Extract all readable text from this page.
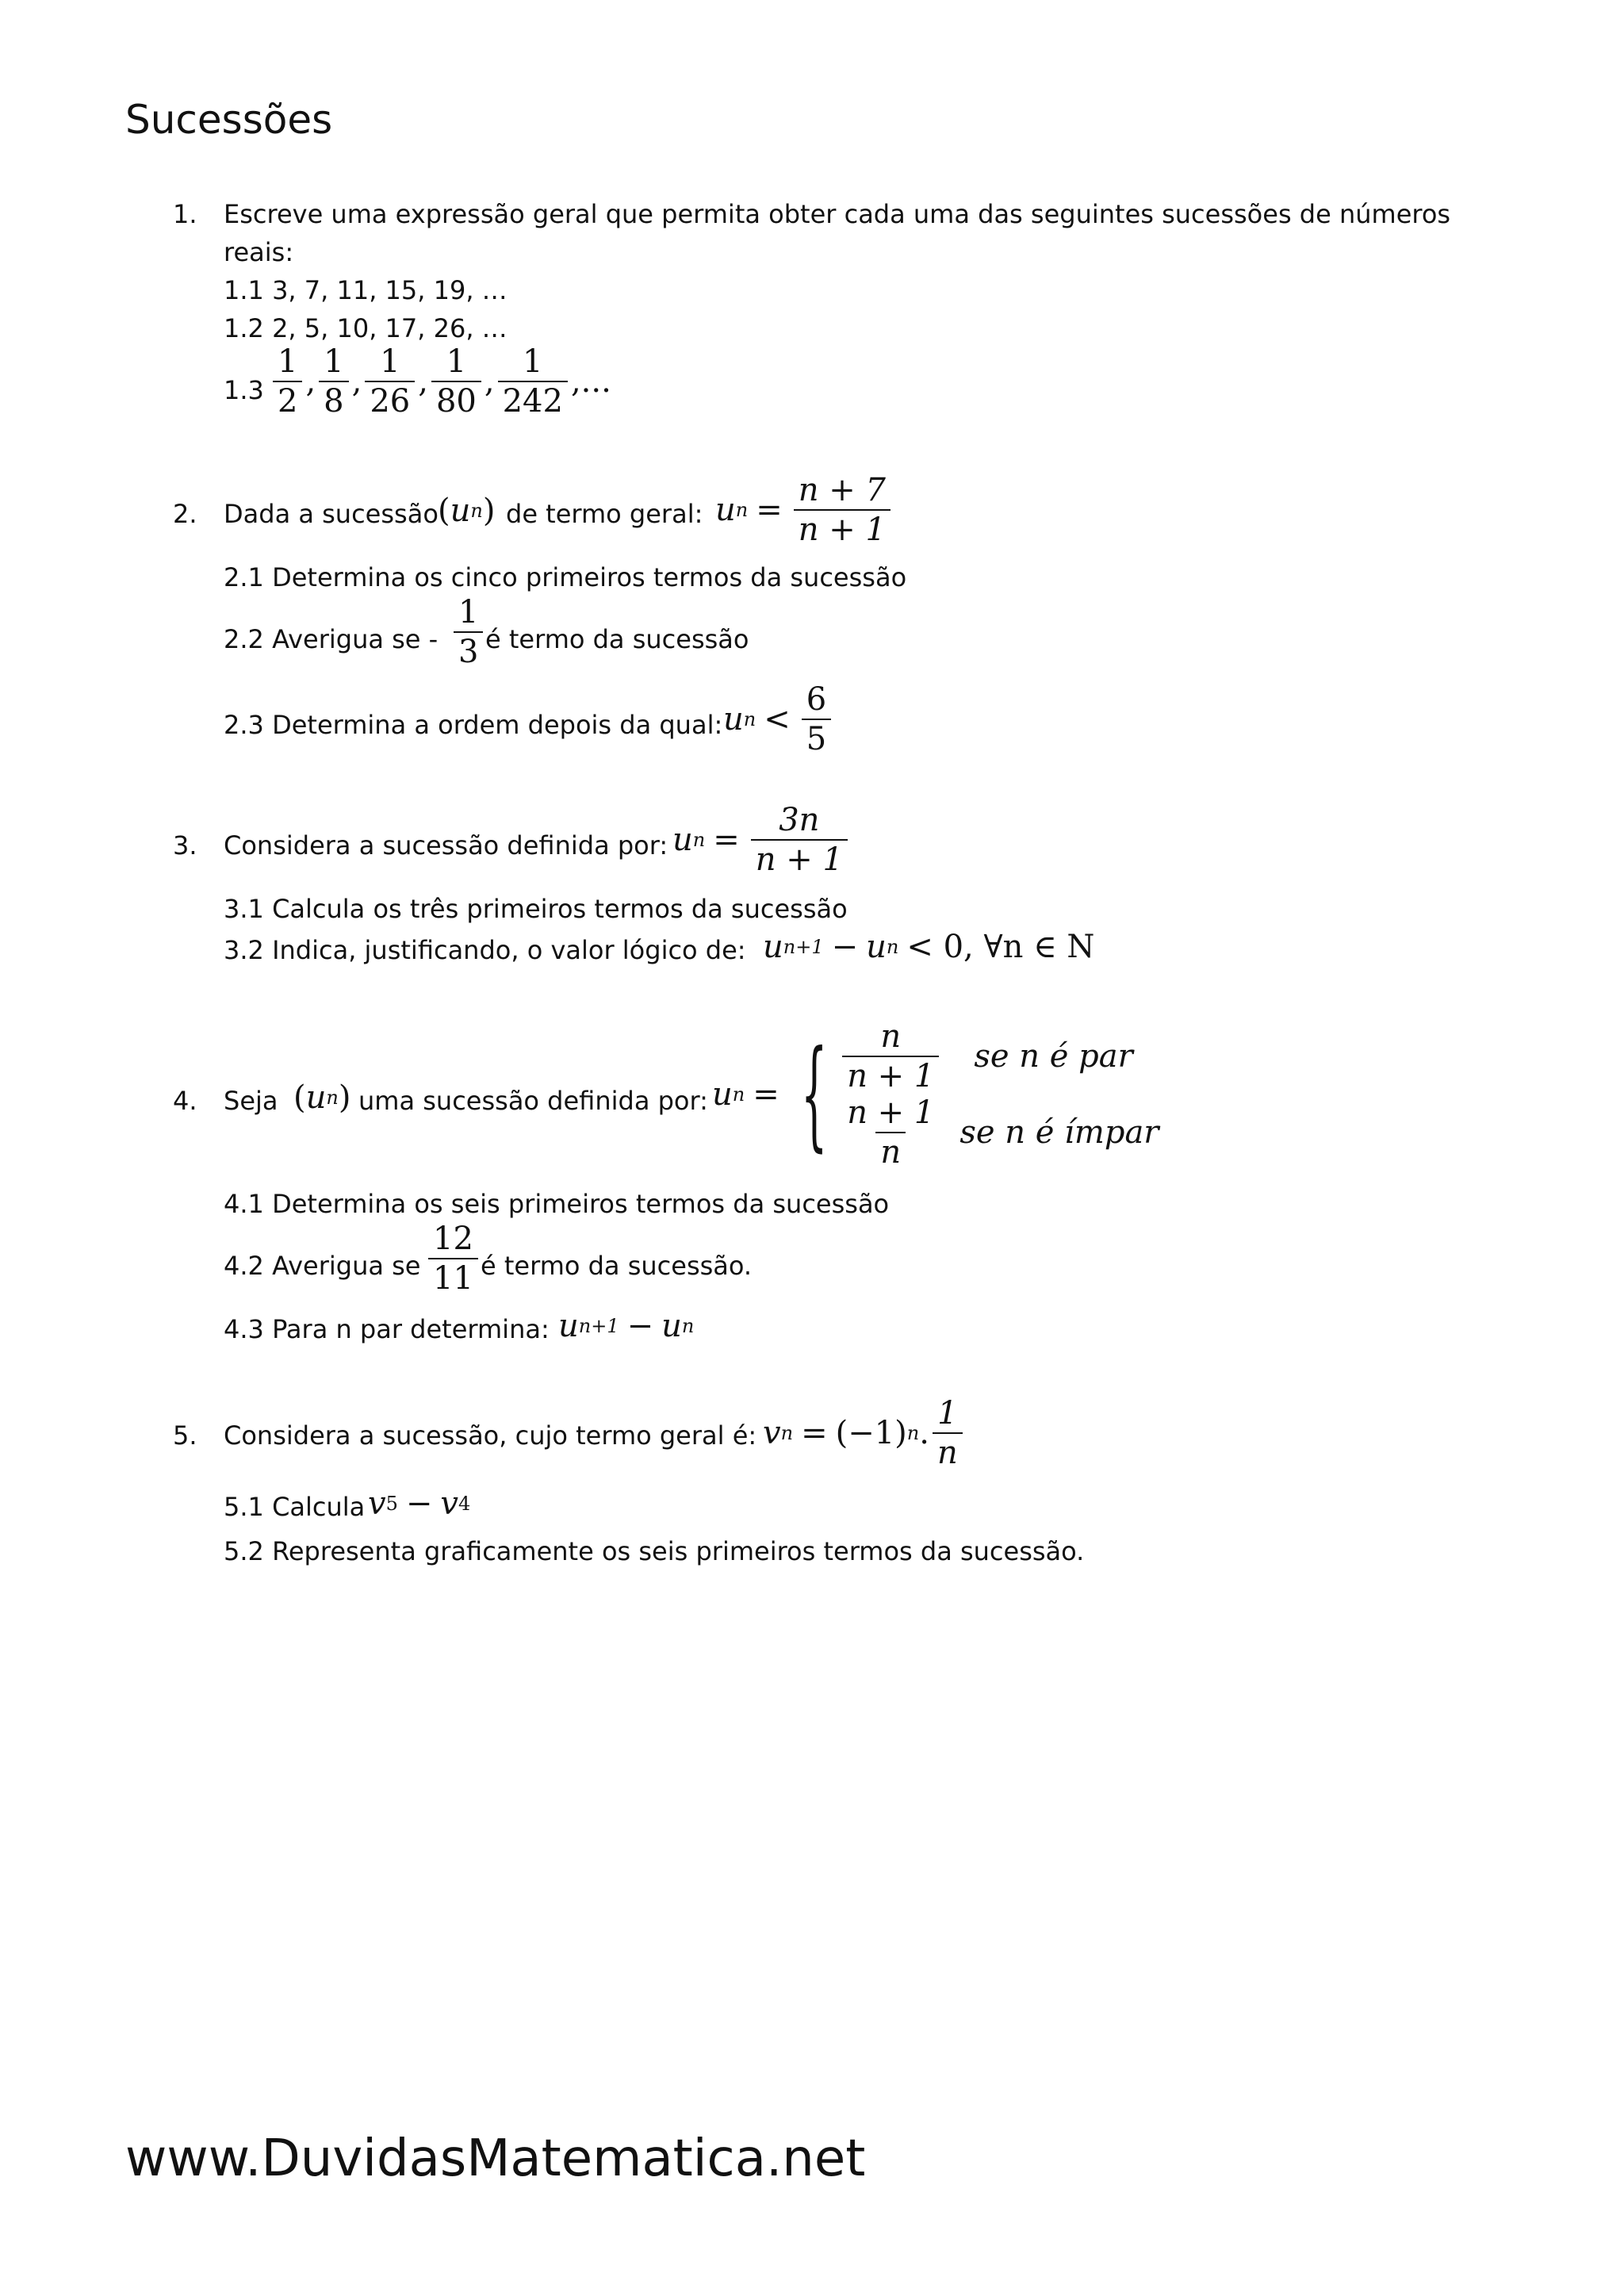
Sucessões
1. Escreve uma expressão geral que permita obter cada uma das seguintes sucessões de números
reais:
1.1 3, 7, 11, 15, 19, …
1.2 2, 5, 10, 17, 26, …
$1.3 \frac{1}{2}$ , $\frac{1}{8}$ , $\frac{1}{26}$ , $\frac{1}{80}$ , $\frac{1}{242}$ ,...
2. Dada a sucessão ( u n ) de termo geral: u $n = \frac{n + 7}{n + 1}$
2.1 Determina os cinco primeiros termos da sucessão
2.2 Averigua se - $\frac{1}{3}$ é termo da sucessão
2.3 Determina a ordem depois da qual: u $n < \frac{6}{5}$
3. Considera a sucessão definida por: u $n = \frac{3n}{n + 1}$
3.1 Calcula os três primeiros termos da sucessão
3.2 Indica, justificando, o valor lógico de: u n+1 − u n < 0, ∀n ∈ N
4. Seja ( u n ) uma sucessão definida por: u n = { $\frac{n}{n + 1}$ se n é par
$\frac{n + 1}{n}$ se n é ímpar
4.1 Determina os seis primeiros termos da sucessão
4.2 Averigua se $\frac{12}{11}$ é termo da sucessão.
4.3 Para n par determina: u n+1 − u n
5. Considera a sucessão, cujo termo geral é: v n = (−1) n . $\frac{1}{n}$
5.1 Calcula v 5 − v 4
5.2 Representa graficamente os seis primeiros termos da sucessão.
www.DuvidasMatematica.net
